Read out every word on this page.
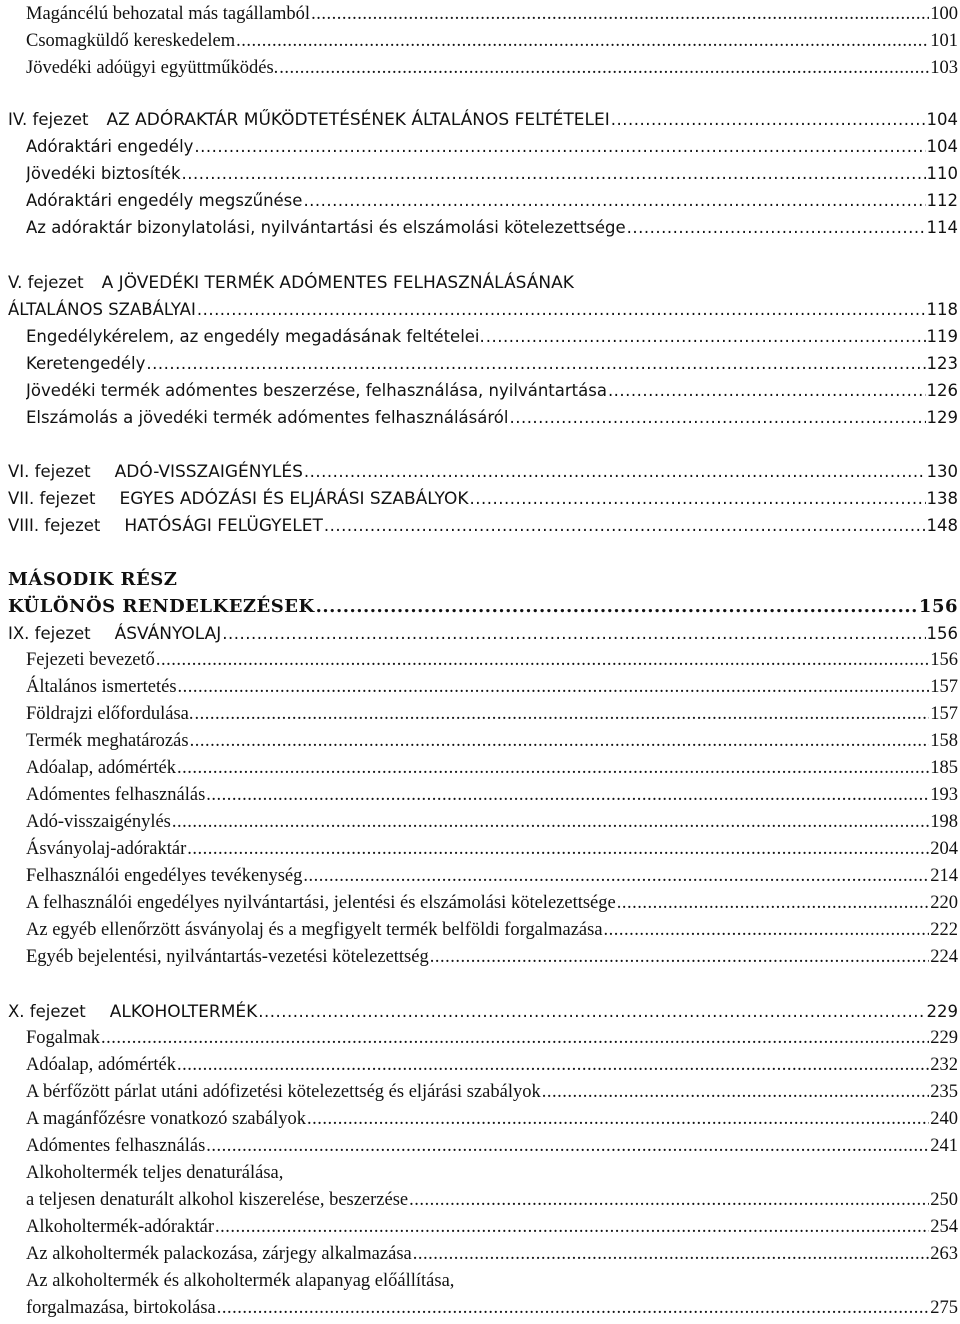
Magáncélú behozatal más tagállamból .....	100
Csomagküldő kereskedelem .....	101
Jövedéki adóügyi együttműködés. .....	103
IV. fejezet AZ ADÓRAKTÁR MŰKÖDTETÉSÉNEK ÁLTALÁNOS FELTÉTELEI .....	104
Adóraktári engedély .....	104
Jövedéki biztosíték .....	110
Adóraktári engedély megszűnése .....	112
Az adóraktár bizonylatolási, nyilvántartási és elszámolási kötelezettsége .....	114
V. fejezet A JÖVEDÉKI TERMÉK ADÓMENTES FELHASZNÁLÁSÁNAK
ÁLTALÁNOS SZABÁLYAI .....	118
Engedélykérelem, az engedély megadásának feltételei. .....	119
Keretengedély .....	123
Jövedéki termék adómentes beszerzése, felhasználása, nyilvántartása .....	126
Elszámolás a jövedéki termék adómentes felhasználásáról .....	129
VI. fejezet ADÓ-VISSZAIGÉNYLÉS .....	130
VII. fejezet EGYES ADÓZÁSI ÉS ELJÁRÁSI SZABÁLYOK .....	138
VIII. fejezet HATÓSÁGI FELÜGYELET .....	148
MÁSODIK RÉSZ
KÜLÖNÖS RENDELKEZÉSEK .....	156
IX. fejezet ÁSVÁNYOLAJ .....	156
Fejezeti bevezető .....	156
Általános ismertetés .....	157
Földrajzi előfordulása. .....	157
Termék meghatározás .....	158
Adóalap, adómérték .....	185
Adómentes felhasználás .....	193
Adó-visszaigénylés .....	198
Ásványolaj-adóraktár .....	204
Felhasználói engedélyes tevékenység .....	214
A felhasználói engedélyes nyilvántartási, jelentési és elszámolási kötelezettsége .....	220
Az egyéb ellenőrzött ásványolaj és a megfigyelt termék belföldi forgalmazása .....	222
Egyéb bejelentési, nyilvántartás-vezetési kötelezettség .....	224
X. fejezet ALKOHOLTERMÉK .....	229
Fogalmak .....	229
Adóalap, adómérték .....	232
A bérfőzött párlat utáni adófizetési kötelezettség és eljárási szabályok .....	235
A magánfőzésre vonatkozó szabályok .....	240
Adómentes felhasználás .....	241
Alkoholtermék teljes denaturálása,
a teljesen denaturált alkohol kiszerelése, beszerzése .....	250
Alkoholtermék-adóraktár .....	254
Az alkoholtermék palackozása, zárjegy alkalmazása .....	263
Az alkoholtermék és alkoholtermék alapanyag előállítása,
forgalmazása, birtokolása .....	275
